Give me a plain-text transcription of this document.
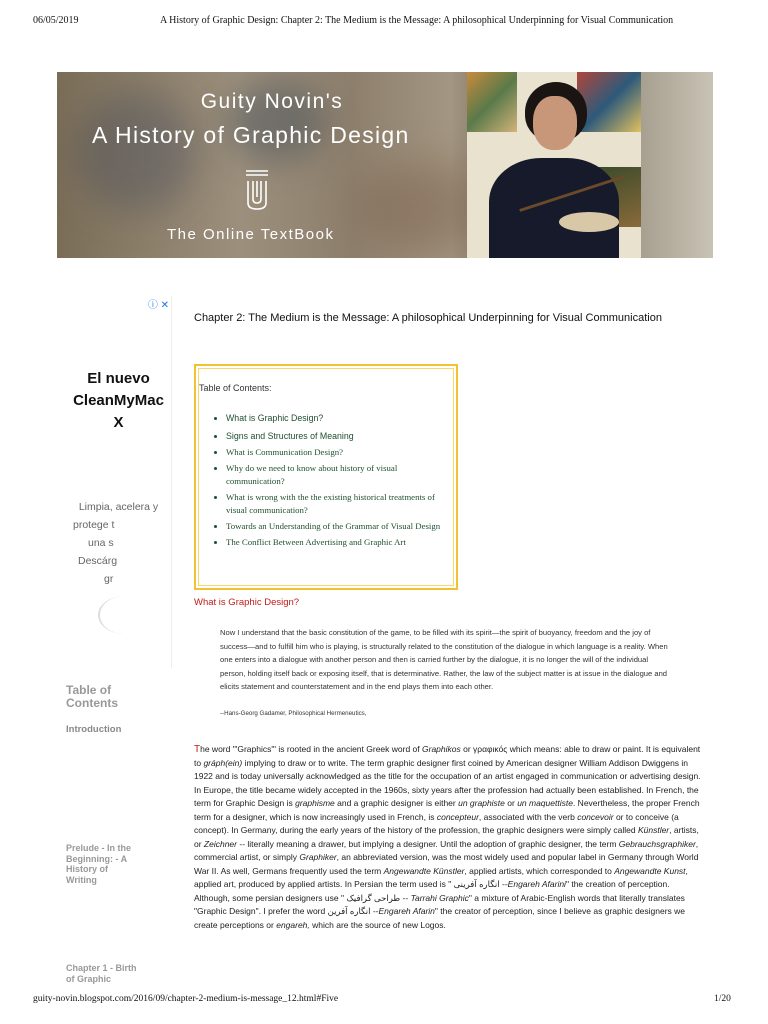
06/05/2019	A History of Graphic Design: Chapter 2: The Medium is the Message: A philosophical Underpinning for Visual Communication
Guity Novin's
A History of Graphic Design
The Online TextBook
ⓘ ✕
El nuevo
CleanMyMac
X
Limpia, acelera y
protege t
una s
Descárg
gr
Table of
Contents
Introduction
Prelude - In the
Beginning: - A
History of
Writing
Chapter 1 - Birth
of Graphic
Chapter 2: The Medium is the Message: A philosophical Underpinning for Visual Communication
Table of Contents:
• What is Graphic Design?
• Signs and Structures of Meaning
• What is Communication Design?
• Why do we need to know about history of visual communication?
• What is wrong with the the existing historical treatments of visual communication?
• Towards an Understanding of the Grammar of Visual Design
• The Conflict Between Advertising and Graphic Art
What is Graphic Design?
Now I understand that the basic constitution of the game, to be filled with its spirit—the spirit of buoyancy, freedom and the joy of success—and to fulfill him who is playing, is structurally related to the constitution of the dialogue in which language is a reality. When one enters into a dialogue with another person and then is carried further by the dialogue, it is no longer the will of the individual person, holding itself back or exposing itself, that is determinative. Rather, the law of the subject matter is at issue in the dialogue and elicits statement and counterstatement and in the end plays them into each other.
--Hans-Georg Gadamer, Philosophical Hermeneutics,
The word '"Graphics"' is rooted in the ancient Greek word of Graphikos or γραφικός which means: able to draw or paint. It is equivalent to gráph(ein) implying to draw or to write. The term graphic designer first coined by American designer William Addison Dwiggens in 1922 and is today universally acknowledged as the title for the occupation of an artist engaged in communication or advertising design. In Europe, the title became widely accepted in the 1960s, sixty years after the profession had actually been established. In French, the term for Graphic Design is graphisme and a graphic designer is either un graphiste or un maquettiste. Nevertheless, the proper French term for a designer, which is now increasingly used in French, is concepteur, associated with the verb concevoir or to conceive (a concept). In Germany, during the early years of the history of the profession, the graphic designers were simply called Künstler, artists, or Zeichner -- literally meaning a drawer, but implying a designer. Until the adoption of graphic designer, the term Gebrauchsgraphiker, commercial artist, or simply Graphiker, an abbreviated version, was the most widely used and popular label in Germany through World War II. As well, Germans frequently used the term Angewandte Künstler, applied artists, which corresponded to Angewandte Kunst, applied art, produced by applied artists. In Persian the term used is " انگاره آفرینی --Engareh Afarini" the creation of perception. Although, some persian designers use " طراحی گرافیک -- Tarrahi Graphic" a mixture of Arabic-English words that literally translates "Graphic Design". I prefer the word انگاره آفرین --Engareh Afarin" the creator of perception, since I believe as graphic designers we create perceptions or engareh, which are the source of new Logos.
guity-novin.blogspot.com/2016/09/chapter-2-medium-is-message_12.html#Five	1/20
